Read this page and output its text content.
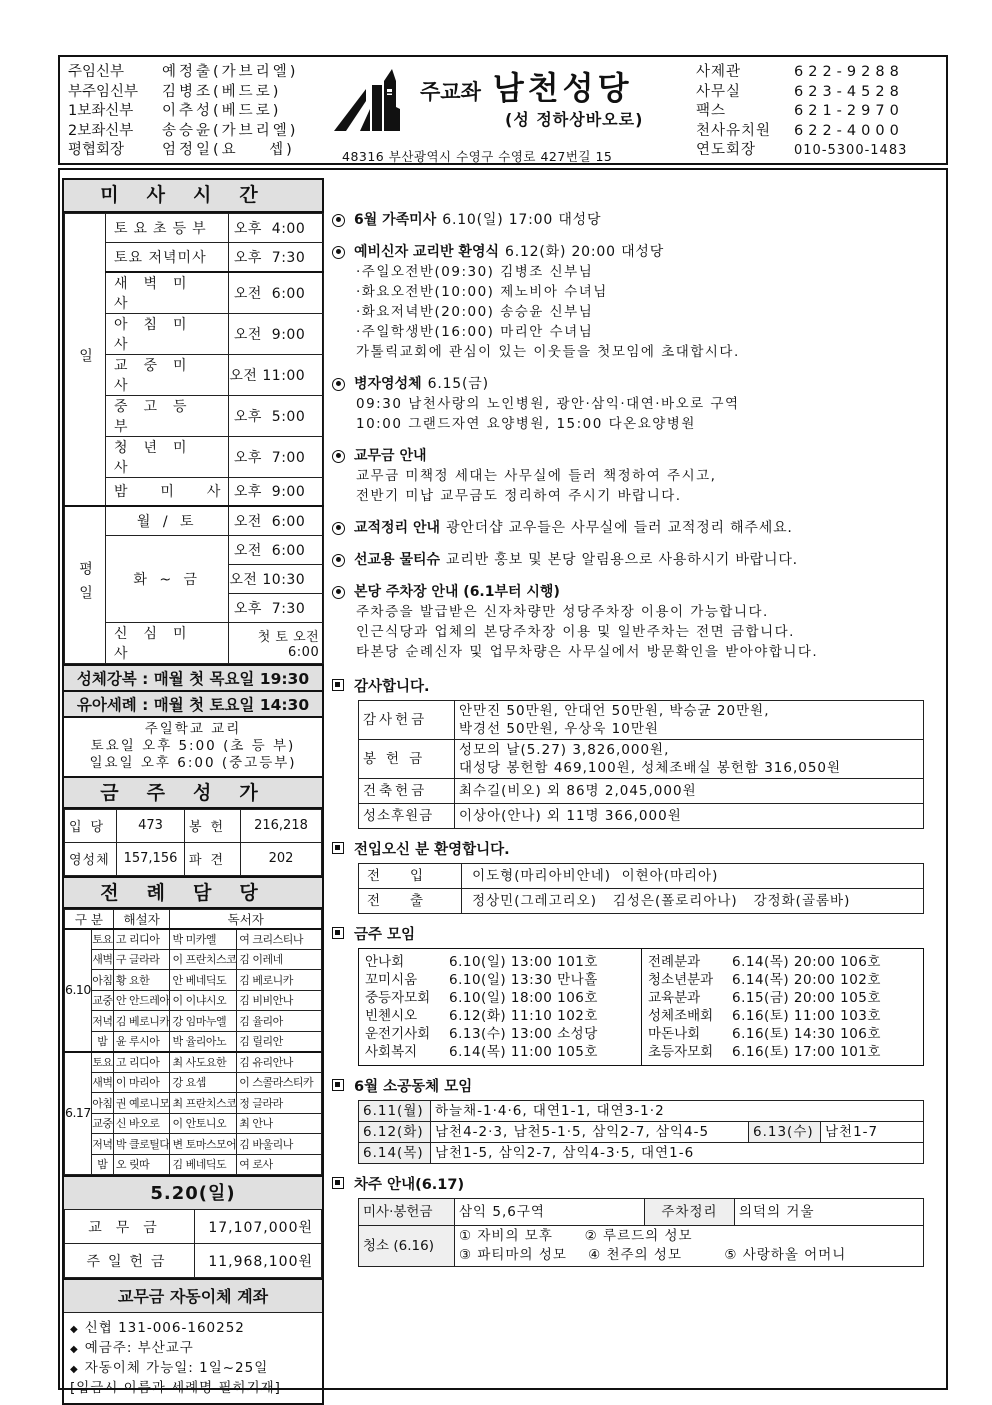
주임신부	예정출(가브리엘)
부주임신부	김병조(베드로)
1보좌신부	이추성(베드로)
2보좌신부	송승윤(가브리엘)
평협회장	엄정일(요    셉)
주교좌 남천성당
(성 정하상바오로)
48316 부산광역시 수영구 수영로 427번길 15
사제관	622-9288
사무실	623-4528
팩스	621-2970
천사유치원	622-4000
연도회장	010-5300-1483
미사시간
일	토요초등부	오후  4:00
	토요 저녁미사	오후  7:30
	새벽미사	오전  6:00
	아침미사	오전  9:00
	교중미사	오전 11:00
	중고등부	오후  5:00
	청년미사	오후  7:00
	밤  미  사	오후  9:00
평일	월 / 토	오전  6:00
	화 ~ 금	오전  6:00
		오전 10:30
		오후  7:30
	신심미사	첫 토 오전 6:00
성체강복 : 매월 첫 목요일 19:30
유아세례 : 매월 첫 토요일 14:30
주일학교 교리
토요일 오후 5:00 (초 등 부)
일요일 오후 6:00 (중고등부)
금주성가
입당	473	봉헌	216,218
영성체	157,156	파견	202
전례담당
구 분		해설자	독서자	
6.10	토요	고 리디아	박 미카엘	여 크리스티나
	새벽	구 글라라	이 프란치스코	김 이레네
	아침	황 요한	안 베네딕도	김 베로니카
	교중	안 안드레아	이 이냐시오	김 비비안나
	저녁	김 베로니카	강 임마누엘	김 율리아
	밤	윤 루시아	박 율리아노	김 릴리안
6.17	토요	고 리디아	최 사도요한	김 유리안나
	새벽	이 마리아	강 요셉	이 스콜라스티카
	아침	권 예로니모	최 프란치스코	정 글라라
	교중	신 바오로	이 안토니오	최 안나
	저녁	박 클로틸다	변 토마스모어	김 바울리나
	밤	오 릿따	김 베네딕도	여 로사
5.20(일)
교무금	17,107,000원
주일헌금	11,968,100원
교무금 자동이체 계좌
◆ 신협 131-006-160252
◆ 예금주: 부산교구
◆ 자동이체 가능일: 1일~25일
[입금시 이름과 세례명 필히기재]
6월 가족미사 6.10(일) 17:00 대성당
예비신자 교리반 환영식 6.12(화) 20:00 대성당
·주일오전반(09:30) 김병조 신부님
·화요오전반(10:00) 제노비아 수녀님
·화요저녁반(20:00) 송승윤 신부님
·주일학생반(16:00) 마리안 수녀님
가톨릭교회에 관심이 있는 이웃들을 첫모임에 초대합시다.
병자영성체 6.15(금)
09:30 남천사랑의 노인병원, 광안·삼익·대연·바오로 구역
10:00 그랜드자연 요양병원, 15:00 다온요양병원
교무금 안내
교무금 미책정 세대는 사무실에 들러 책정하여 주시고,
전반기 미납 교무금도 정리하여 주시기 바랍니다.
교적정리 안내 광안더샵 교우들은 사무실에 들러 교적정리 해주세요.
선교용 물티슈 교리반 홍보 및 본당 알림용으로 사용하시기 바랍니다.
본당 주차장 안내 (6.1부터 시행)
주차증을 발급받은 신자차량만 성당주차장 이용이 가능합니다.
인근식당과 업체의 본당주차장 이용 및 일반주차는 전면 금합니다.
타본당 순례신자 및 업무차량은 사무실에서 방문확인을 받아야합니다.
감사합니다.
감사헌금	안만진 50만원, 안대언 50만원, 박승균 20만원,
박경선 50만원, 우상욱 10만원

봉헌금	성모의 날(5.27) 3,826,000원,
대성당 봉헌함 469,100원, 성체조배실 봉헌함 316,050원

건축헌금	최수길(비오) 외 86명 2,045,000원
성소후원금	이상아(안나) 외 11명 366,000원
전입오신 분 환영합니다.
전입	이도형(마리아비안네)  이현아(마리아)
전출	정상민(그레고리오)   김성은(폴로리아나)   강정화(골롬바)
금주 모임
안나회	6.10(일) 13:00 101호
꼬미시움 6.10(일) 13:30 만나홀
중등자모회 6.10(일) 18:00 106호
빈첸시오 6.12(화) 11:10 102호
운전기사회 6.13(수) 13:00 소성당
사회복지 6.14(목) 11:00 105호
전례분과 6.14(목) 20:00 106호
청소년분과 6.14(목) 20:00 102호
교육분과 6.15(금) 20:00 105호
성체조배회 6.16(토) 11:00 103호
마돈나회 6.16(토) 14:30 106호
초등자모회 6.16(토) 17:00 101호
6월 소공동체 모임
6.11(월)	하늘채-1·4·6, 대연1-1, 대연3-1·2		
6.12(화)	남천4-2·3, 남천5-1·5, 삼익2-7, 삼익4-5	6.13(수)	남천1-7
6.14(목)	남천1-5, 삼익2-7, 삼익4-3·5, 대연1-6		
차주 안내(6.17)
미사·봉헌금	삼익 5,6구역	주차정리	의덕의 거울
청소 (6.16)	① 자비의 모후      ② 루르드의 성모
③ 파티마의 성모    ④ 천주의 성모        ⑤ 사랑하올 어머니		
